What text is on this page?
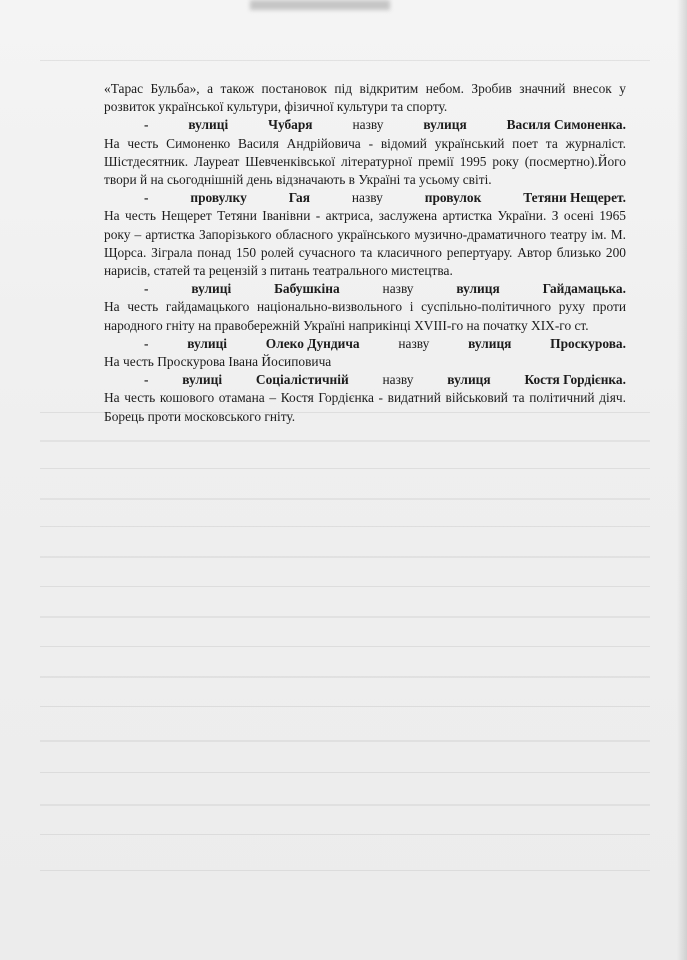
«Тарас Бульба», а також постановок під відкритим небом. Зробив значний внесок у розвиток української культури, фізичної культури та спорту.

-	вулиці	Чубаря	назву	вулиця	Василя Симоненка.

На честь Симоненко Василя Андрійовича - відомий український поет та журналіст. Шістдесятник. Лауреат Шевченківської літературної премії 1995 року (посмертно).Його твори й на сьогоднішній день відзначають в Україні та усьому світі.

-	провулку	Гая	назву	провулок	Тетяни Нещерет.

На честь Нещерет Тетяни Іванівни - актриса, заслужена артистка України. З осені 1965 року – артистка Запорізького обласного українського музично-драматичного театру ім. М. Щорса. Зіграла понад 150 ролей сучасного та класичного репертуару. Автор близько 200 нарисів, статей та рецензій з питань театрального мистецтва.

-	вулиці	Бабушкіна	назву	вулиця	Гайдамацька.

На честь гайдамацького національно-визвольного і суспільно-політичного руху проти народного гніту на правобережній Україні наприкінці XVIII-го на початку XIX-го ст.

-	вулиці	Олеко Дундича	назву	вулиця	Проскурова.

На честь Проскурова Івана Йосиповича

-	вулиці	Соціалістичній	назву	вулиця	Костя Гордієнка.

На честь кошового отамана – Костя Гордієнка - видатний військовий та політичний діяч. Борець проти московського гніту.
